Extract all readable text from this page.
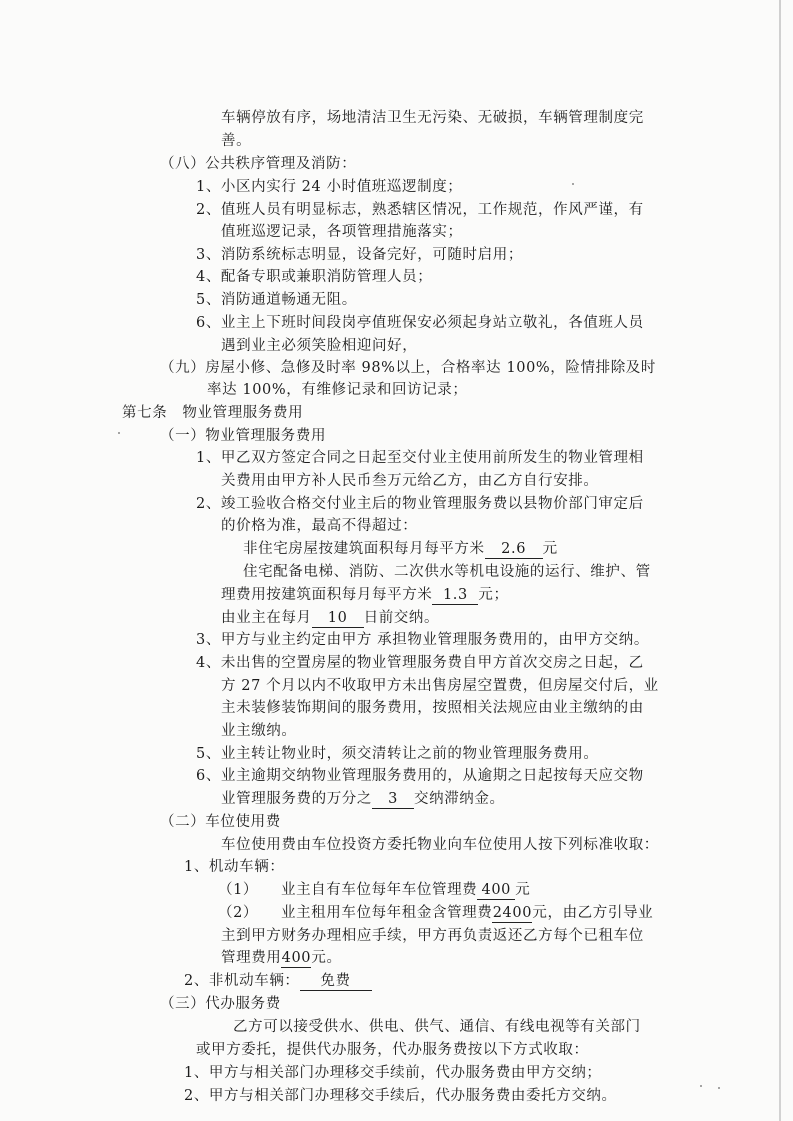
车辆停放有序，场地清洁卫生无污染、无破损，车辆管理制度完
善。
（八）公共秩序管理及消防：
1、小区内实行 24 小时值班巡逻制度；
2、值班人员有明显标志，熟悉辖区情况，工作规范，作风严谨，有
值班巡逻记录，各项管理措施落实；
3、消防系统标志明显，设备完好，可随时启用；
4、配备专职或兼职消防管理人员；
5、消防通道畅通无阻。
6、业主上下班时间段岗亭值班保安必须起身站立敬礼，各值班人员
遇到业主必须笑脸相迎问好，
（九）房屋小修、急修及时率 98%以上，合格率达 100%，险情排除及时
率达 100%，有维修记录和回访记录；
第七条　物业管理服务费用
（一）物业管理服务费用
1、甲乙双方签定合同之日起至交付业主使用前所发生的物业管理相
关费用由甲方补人民币叁万元给乙方，由乙方自行安排。
2、竣工验收合格交付业主后的物业管理服务费以县物价部门审定后
的价格为准，最高不得超过：
非住宅房屋按建筑面积每月每平方米 2.6 元
住宅配备电梯、消防、二次供水等机电设施的运行、维护、管
理费用按建筑面积每月每平方米 1.3 元；
由业主在每月 10 日前交纳。
3、甲方与业主约定由甲方 承担物业管理服务费用的，由甲方交纳。
4、未出售的空置房屋的物业管理服务费自甲方首次交房之日起，乙
方 27 个月以内不收取甲方未出售房屋空置费，但房屋交付后，业
主未装修装饰期间的服务费用，按照相关法规应由业主缴纳的由
业主缴纳。
5、业主转让物业时，须交清转让之前的物业管理服务费用。
6、业主逾期交纳物业管理服务费用的，从逾期之日起按每天应交物
业管理服务费的万分之 3 交纳滞纳金。
（二）车位使用费
车位使用费由车位投资方委托物业向车位使用人按下列标准收取：
1、机动车辆：
（1）　　业主自有车位每年车位管理费 400 元
（2）　　业主租用车位每年租金含管理费2400元，由乙方引导业
主到甲方财务办理相应手续，甲方再负责返还乙方每个已租车位
管理费用400元。
2、非机动车辆： 免费
（三）代办服务费
乙方可以接受供水、供电、供气、通信、有线电视等有关部门
或甲方委托，提供代办服务，代办服务费按以下方式收取：
1、甲方与相关部门办理移交手续前，代办服务费由甲方交纳；
2、甲方与相关部门办理移交手续后，代办服务费由委托方交纳。
